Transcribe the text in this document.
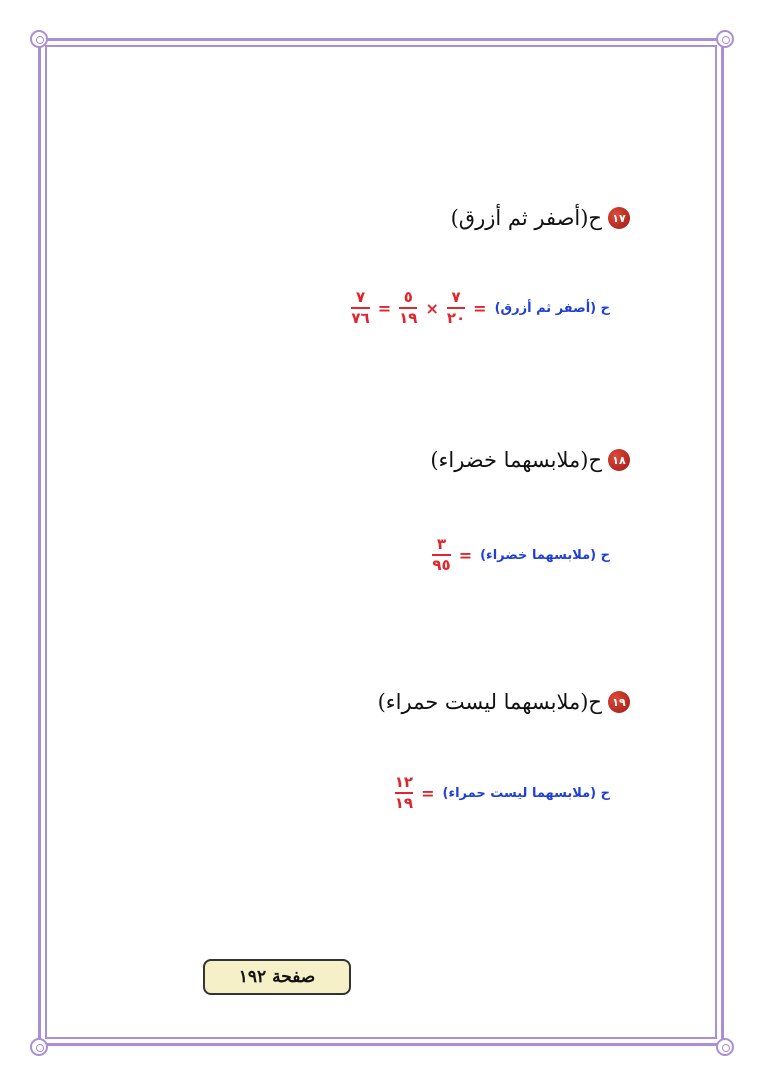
١٧
ح(أصفر ثم أزرق)
ح (أصفر ثم أزرق)
=
$\frac{٧}{٢٠}$
×
$\frac{٥}{١٩}$
=
$\frac{٧}{٧٦}$
١٨
ح(ملابسهما خضراء)
ح (ملابسهما خضراء)
=
$\frac{٣}{٩٥}$
١٩
ح(ملابسهما ليست حمراء)
ح (ملابسهما ليست حمراء)
=
$\frac{١٢}{١٩}$
صفحة ١٩٢
